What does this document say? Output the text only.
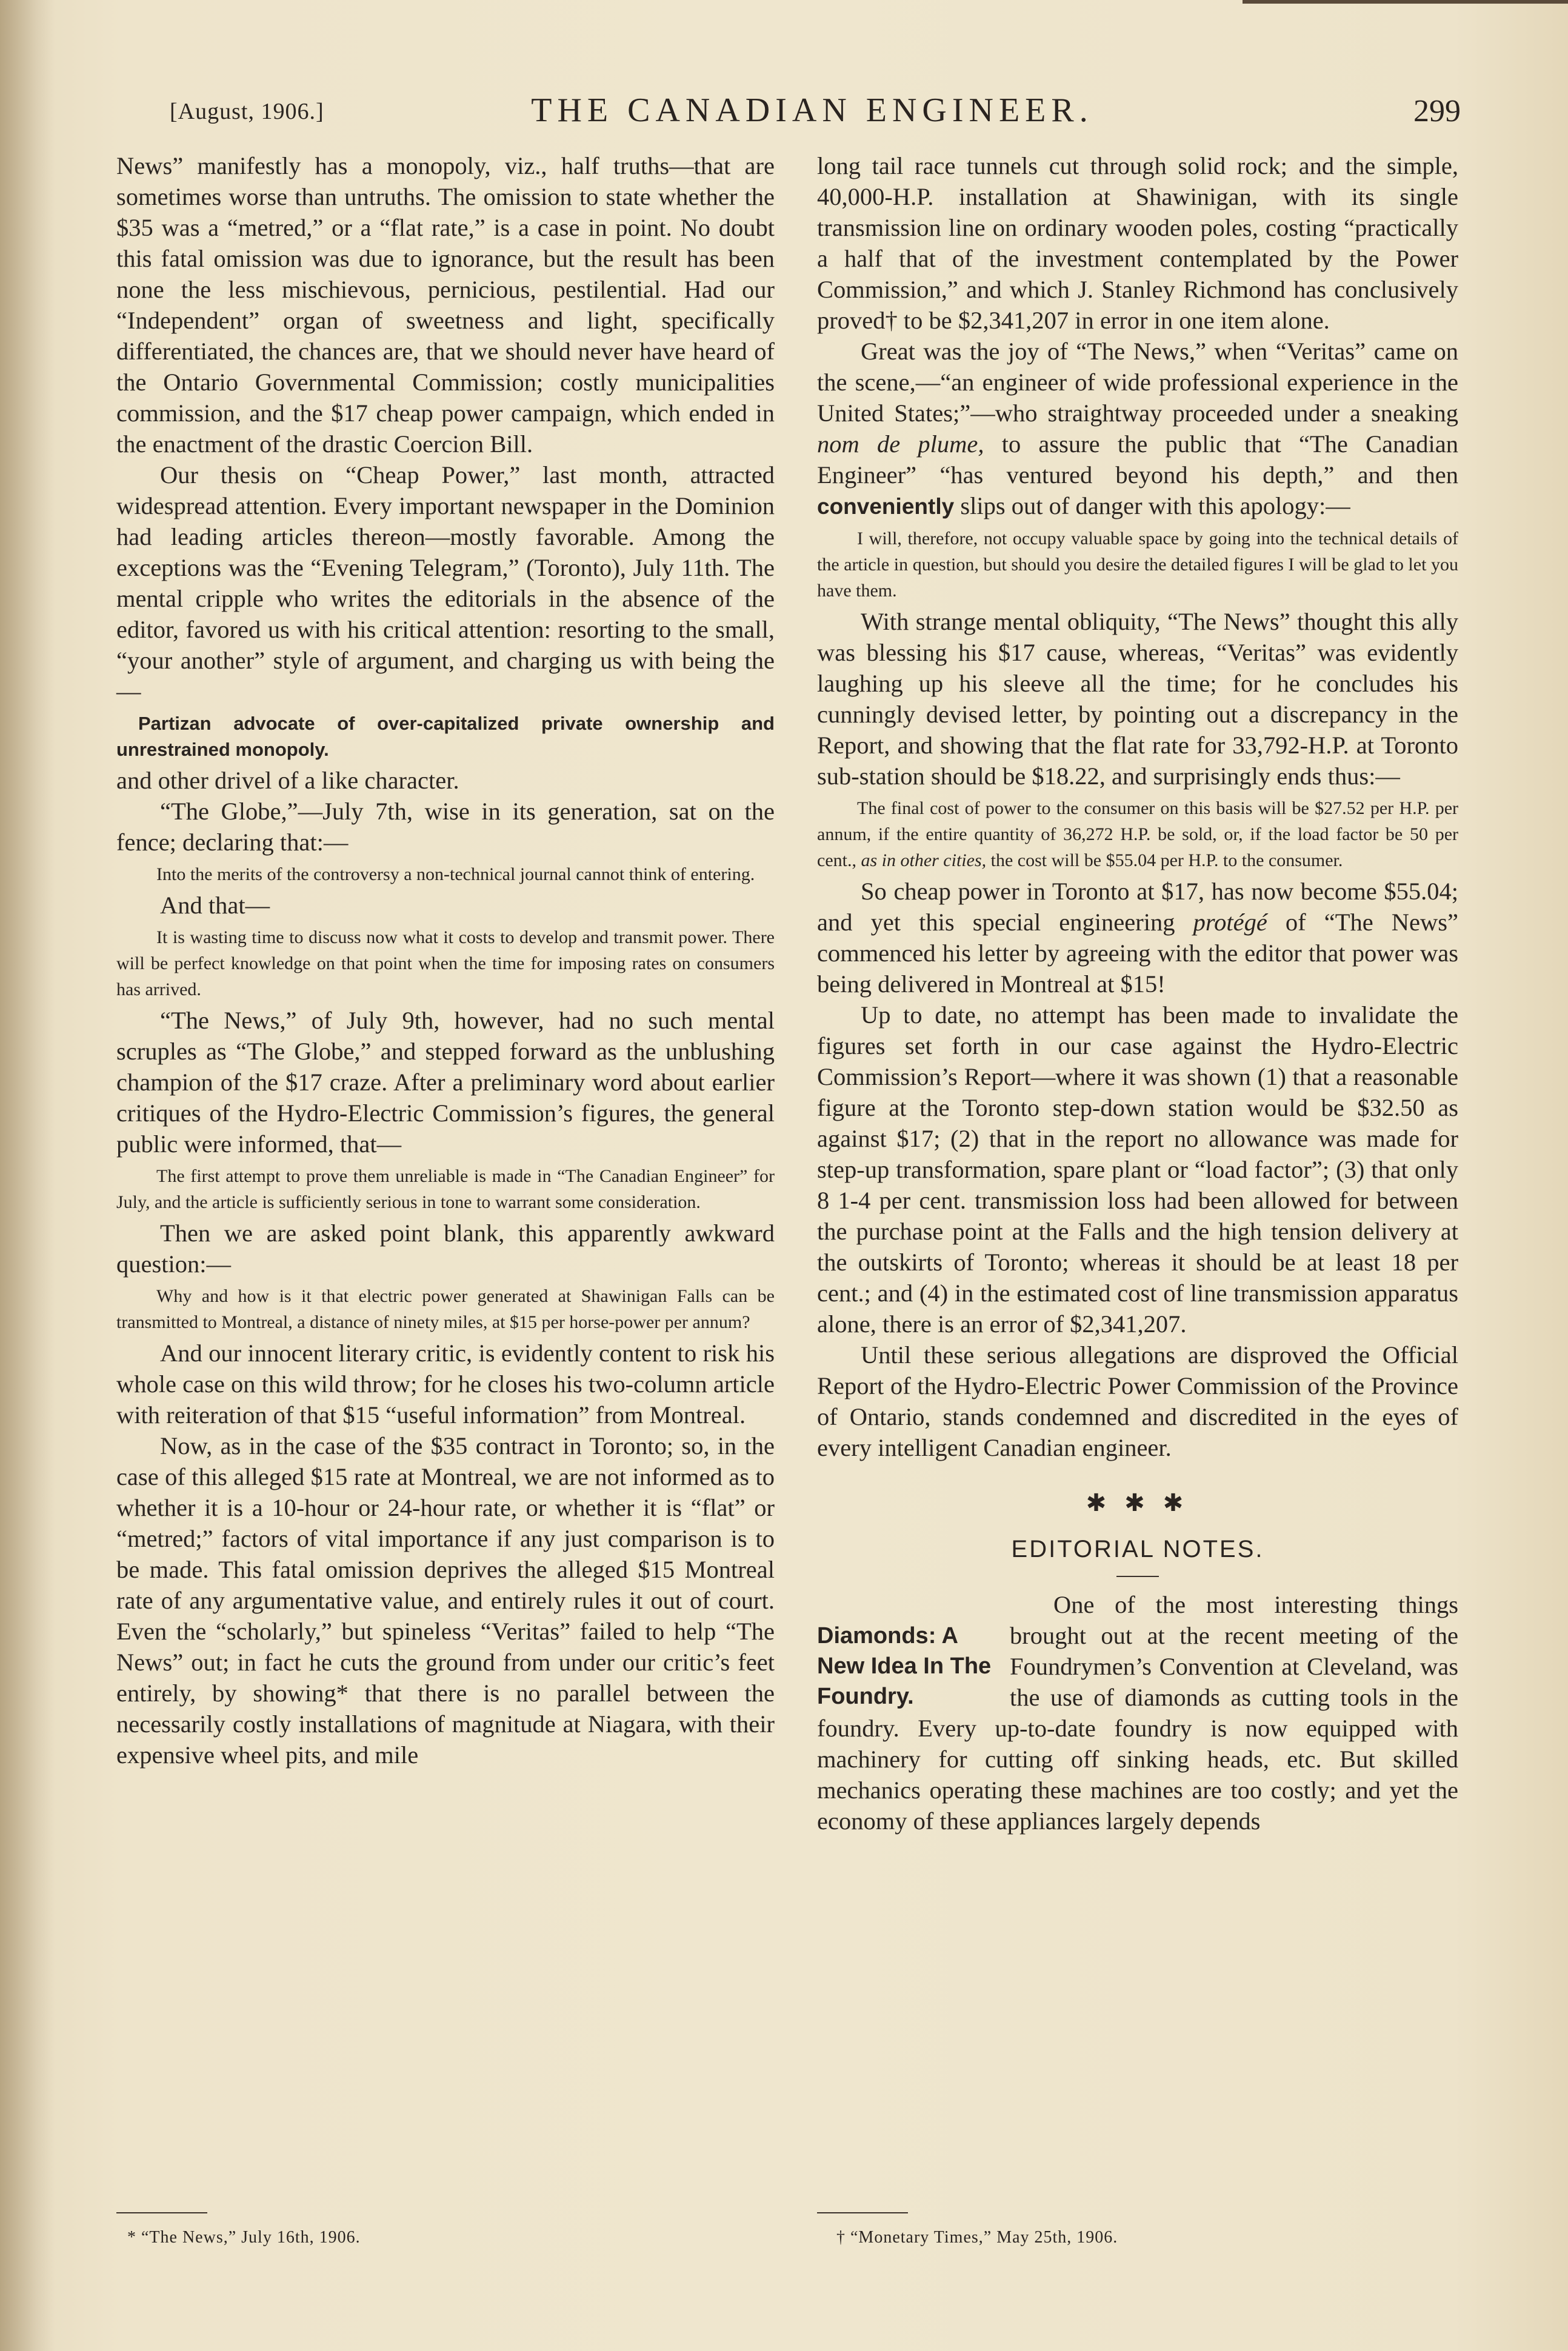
[August, 1906.]	THE CANADIAN ENGINEER.	299

News” manifestly has a monopoly, viz., half truths—that are sometimes worse than untruths. The omission to state whether the $35 was a “metred,” or a “flat rate,” is a case in point. No doubt this fatal omission was due to ignorance, but the result has been none the less mischievous, pernicious, pestilential. Had our “Independent” organ of sweetness and light, specifically differentiated, the chances are, that we should never have heard of the Ontario Governmental Commission; costly municipalities commission, and the $17 cheap power campaign, which ended in the enactment of the drastic Coercion Bill.

Our thesis on “Cheap Power,” last month, attracted widespread attention. Every important newspaper in the Dominion had leading articles thereon—mostly favorable. Among the exceptions was the “Evening Telegram,” (Toronto), July 11th. The mental cripple who writes the editorials in the absence of the editor, favored us with his critical attention: resorting to the small, “your another” style of argument, and charging us with being the—

Partizan advocate of over-capitalized private ownership and unrestrained monopoly.

and other drivel of a like character.

“The Globe,”—July 7th, wise in its generation, sat on the fence; declaring that:—

Into the merits of the controversy a non-technical journal cannot think of entering.

And that—

It is wasting time to discuss now what it costs to develop and transmit power. There will be perfect knowledge on that point when the time for imposing rates on consumers has arrived.

“The News,” of July 9th, however, had no such mental scruples as “The Globe,” and stepped forward as the unblushing champion of the $17 craze. After a preliminary word about earlier critiques of the Hydro-Electric Commission’s figures, the general public were informed, that—

The first attempt to prove them unreliable is made in “The Canadian Engineer” for July, and the article is sufficiently serious in tone to warrant some consideration.

Then we are asked point blank, this apparently awkward question:—

Why and how is it that electric power generated at Shawinigan Falls can be transmitted to Montreal, a distance of ninety miles, at $15 per horse-power per annum?

And our innocent literary critic, is evidently content to risk his whole case on this wild throw; for he closes his two-column article with reiteration of that $15 “useful information” from Montreal.

Now, as in the case of the $35 contract in Toronto; so, in the case of this alleged $15 rate at Montreal, we are not informed as to whether it is a 10-hour or 24-hour rate, or whether it is “flat” or “metred;” factors of vital importance if any just comparison is to be made. This fatal omission deprives the alleged $15 Montreal rate of any argumentative value, and entirely rules it out of court. Even the “scholarly,” but spineless “Veritas” failed to help “The News” out; in fact he cuts the ground from under our critic’s feet entirely, by showing* that there is no parallel between the necessarily costly installations of magnitude at Niagara, with their expensive wheel pits, and mile

long tail race tunnels cut through solid rock; and the simple, 40,000-H.P. installation at Shawinigan, with its single transmission line on ordinary wooden poles, costing “practically a half that of the investment contemplated by the Power Commission,” and which J. Stanley Richmond has conclusively proved† to be $2,341,207 in error in one item alone.

Great was the joy of “The News,” when “Veritas” came on the scene,—“an engineer of wide professional experience in the United States;”—who straightway proceeded under a sneaking nom de plume, to assure the public that “The Canadian Engineer” “has ventured beyond his depth,” and then conveniently slips out of danger with this apology:—

I will, therefore, not occupy valuable space by going into the technical details of the article in question, but should you desire the detailed figures I will be glad to let you have them.

With strange mental obliquity, “The News” thought this ally was blessing his $17 cause, whereas, “Veritas” was evidently laughing up his sleeve all the time; for he concludes his cunningly devised letter, by pointing out a discrepancy in the Report, and showing that the flat rate for 33,792-H.P. at Toronto sub-station should be $18.22, and surprisingly ends thus:—

The final cost of power to the consumer on this basis will be $27.52 per H.P. per annum, if the entire quantity of 36,272 H.P. be sold, or, if the load factor be 50 per cent., as in other cities, the cost will be $55.04 per H.P. to the consumer.

So cheap power in Toronto at $17, has now become $55.04; and yet this special engineering protégé of “The News” commenced his letter by agreeing with the editor that power was being delivered in Montreal at $15!

Up to date, no attempt has been made to invalidate the figures set forth in our case against the Hydro-Electric Commission’s Report—where it was shown (1) that a reasonable figure at the Toronto step-down station would be $32.50 as against $17; (2) that in the report no allowance was made for step-up transformation, spare plant or “load factor”; (3) that only 8 1-4 per cent. transmission loss had been allowed for between the purchase point at the Falls and the high tension delivery at the outskirts of Toronto; whereas it should be at least 18 per cent.; and (4) in the estimated cost of line transmission apparatus alone, there is an error of $2,341,207.

Until these serious allegations are disproved the Official Report of the Hydro-Electric Power Commission of the Province of Ontario, stands condemned and discredited in the eyes of every intelligent Canadian engineer.

✱ ✱ ✱
EDITORIAL NOTES.
Diamonds: A New Idea In The Foundry.

One of the most interesting things brought out at the recent meeting of the Foundrymen’s Convention at Cleveland, was the use of diamonds as cutting tools in the foundry. Every up-to-date foundry is now equipped with machinery for cutting off sinking heads, etc. But skilled mechanics operating these machines are too costly; and yet the economy of these appliances largely depends

* “The News,” July 16th, 1906.	† “Monetary Times,” May 25th, 1906.
